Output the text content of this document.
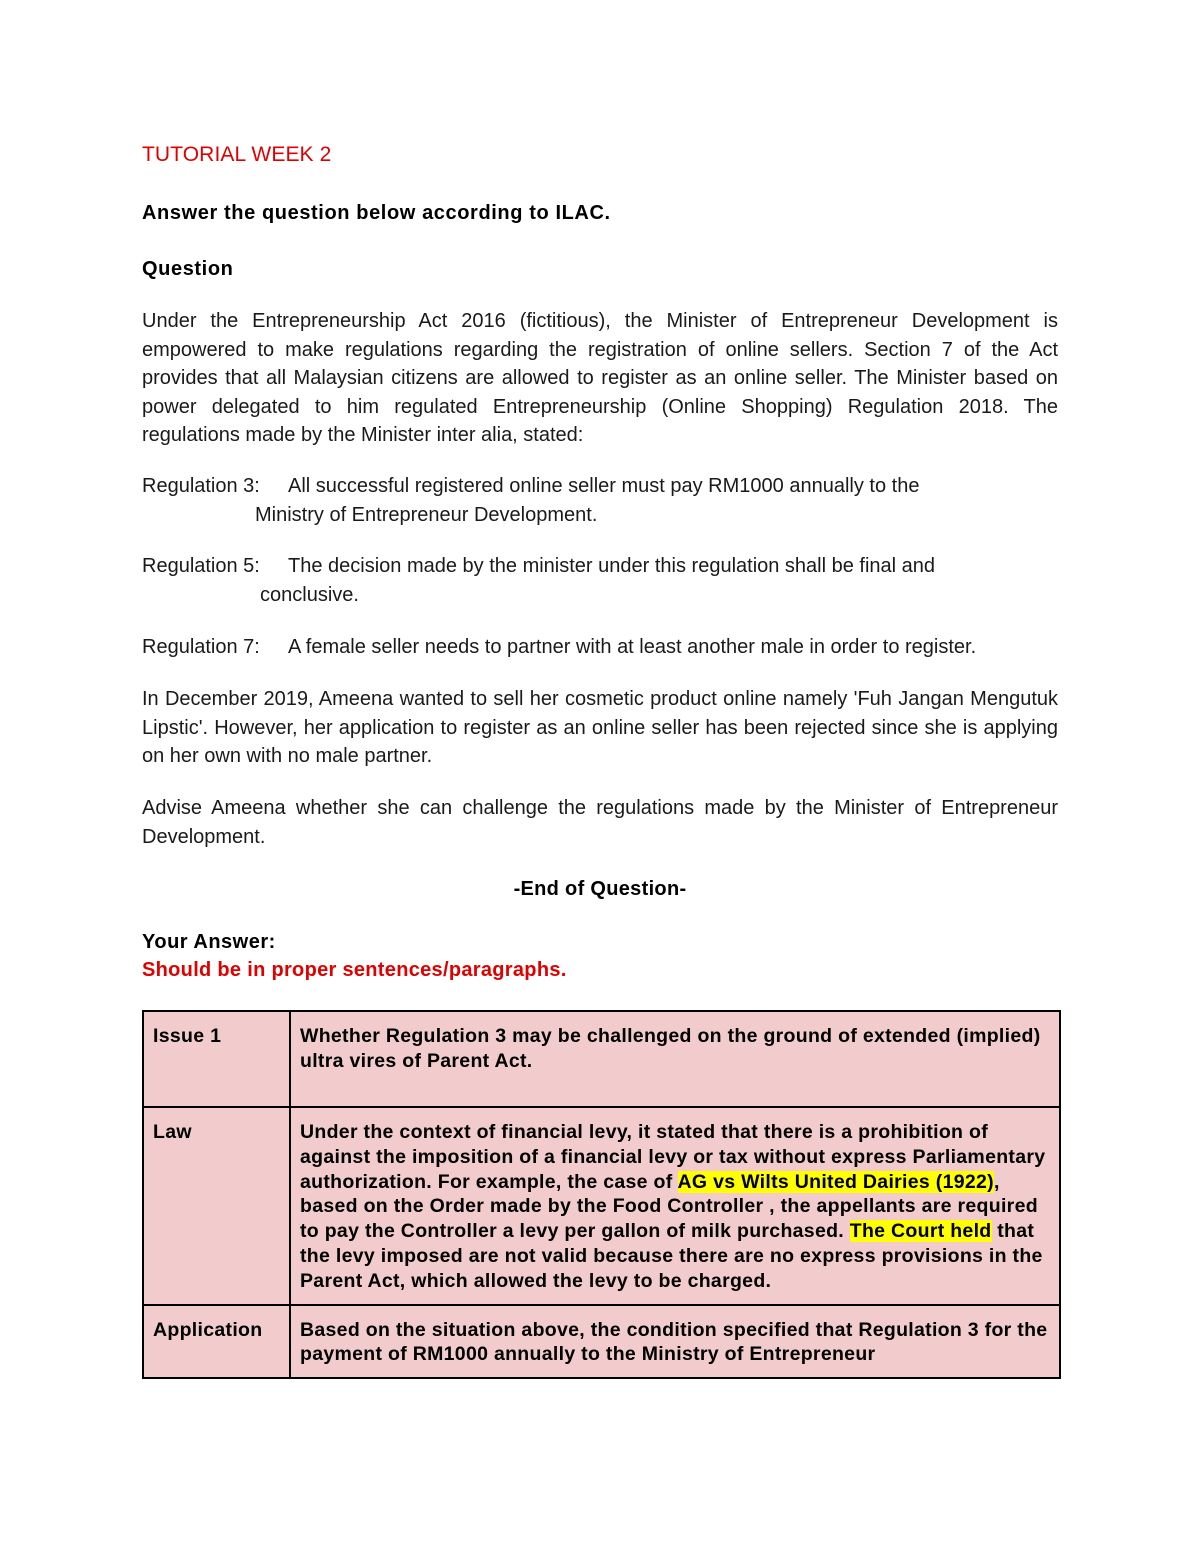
TUTORIAL WEEK 2
Answer the question below according to ILAC.
Question
Under the Entrepreneurship Act 2016 (fictitious), the Minister of Entrepreneur Development is empowered to make regulations regarding the registration of online sellers. Section 7 of the Act provides that all Malaysian citizens are allowed to register as an online seller. The Minister based on power delegated to him regulated Entrepreneurship (Online Shopping) Regulation 2018. The regulations made by the Minister inter alia, stated:
Regulation 3: All successful registered online seller must pay RM1000 annually to the
Ministry of Entrepreneur Development.
Regulation 5: The decision made by the minister under this regulation shall be final and
conclusive.
Regulation 7: A female seller needs to partner with at least another male in order to register.
In December 2019, Ameena wanted to sell her cosmetic product online namely 'Fuh Jangan Mengutuk Lipstic'. However, her application to register as an online seller has been rejected since she is applying on her own with no male partner.
Advise Ameena whether she can challenge the regulations made by the Minister of Entrepreneur Development.
-End of Question-
Your Answer:
Should be in proper sentences/paragraphs.
Issue 1	Whether Regulation 3 may be challenged on the ground of extended (implied) ultra vires of Parent Act.
Law	Under the context of financial levy, it stated that there is a prohibition of against the imposition of a financial levy or tax without express Parliamentary authorization. For example, the case of AG vs Wilts United Dairies (1922), based on the Order made by the Food Controller , the appellants are required to pay the Controller a levy per gallon of milk purchased. The Court held that the levy imposed are not valid because there are no express provisions in the Parent Act, which allowed the levy to be charged.
Application	Based on the situation above, the condition specified that Regulation 3 for the payment of RM1000 annually to the Ministry of Entrepreneur
